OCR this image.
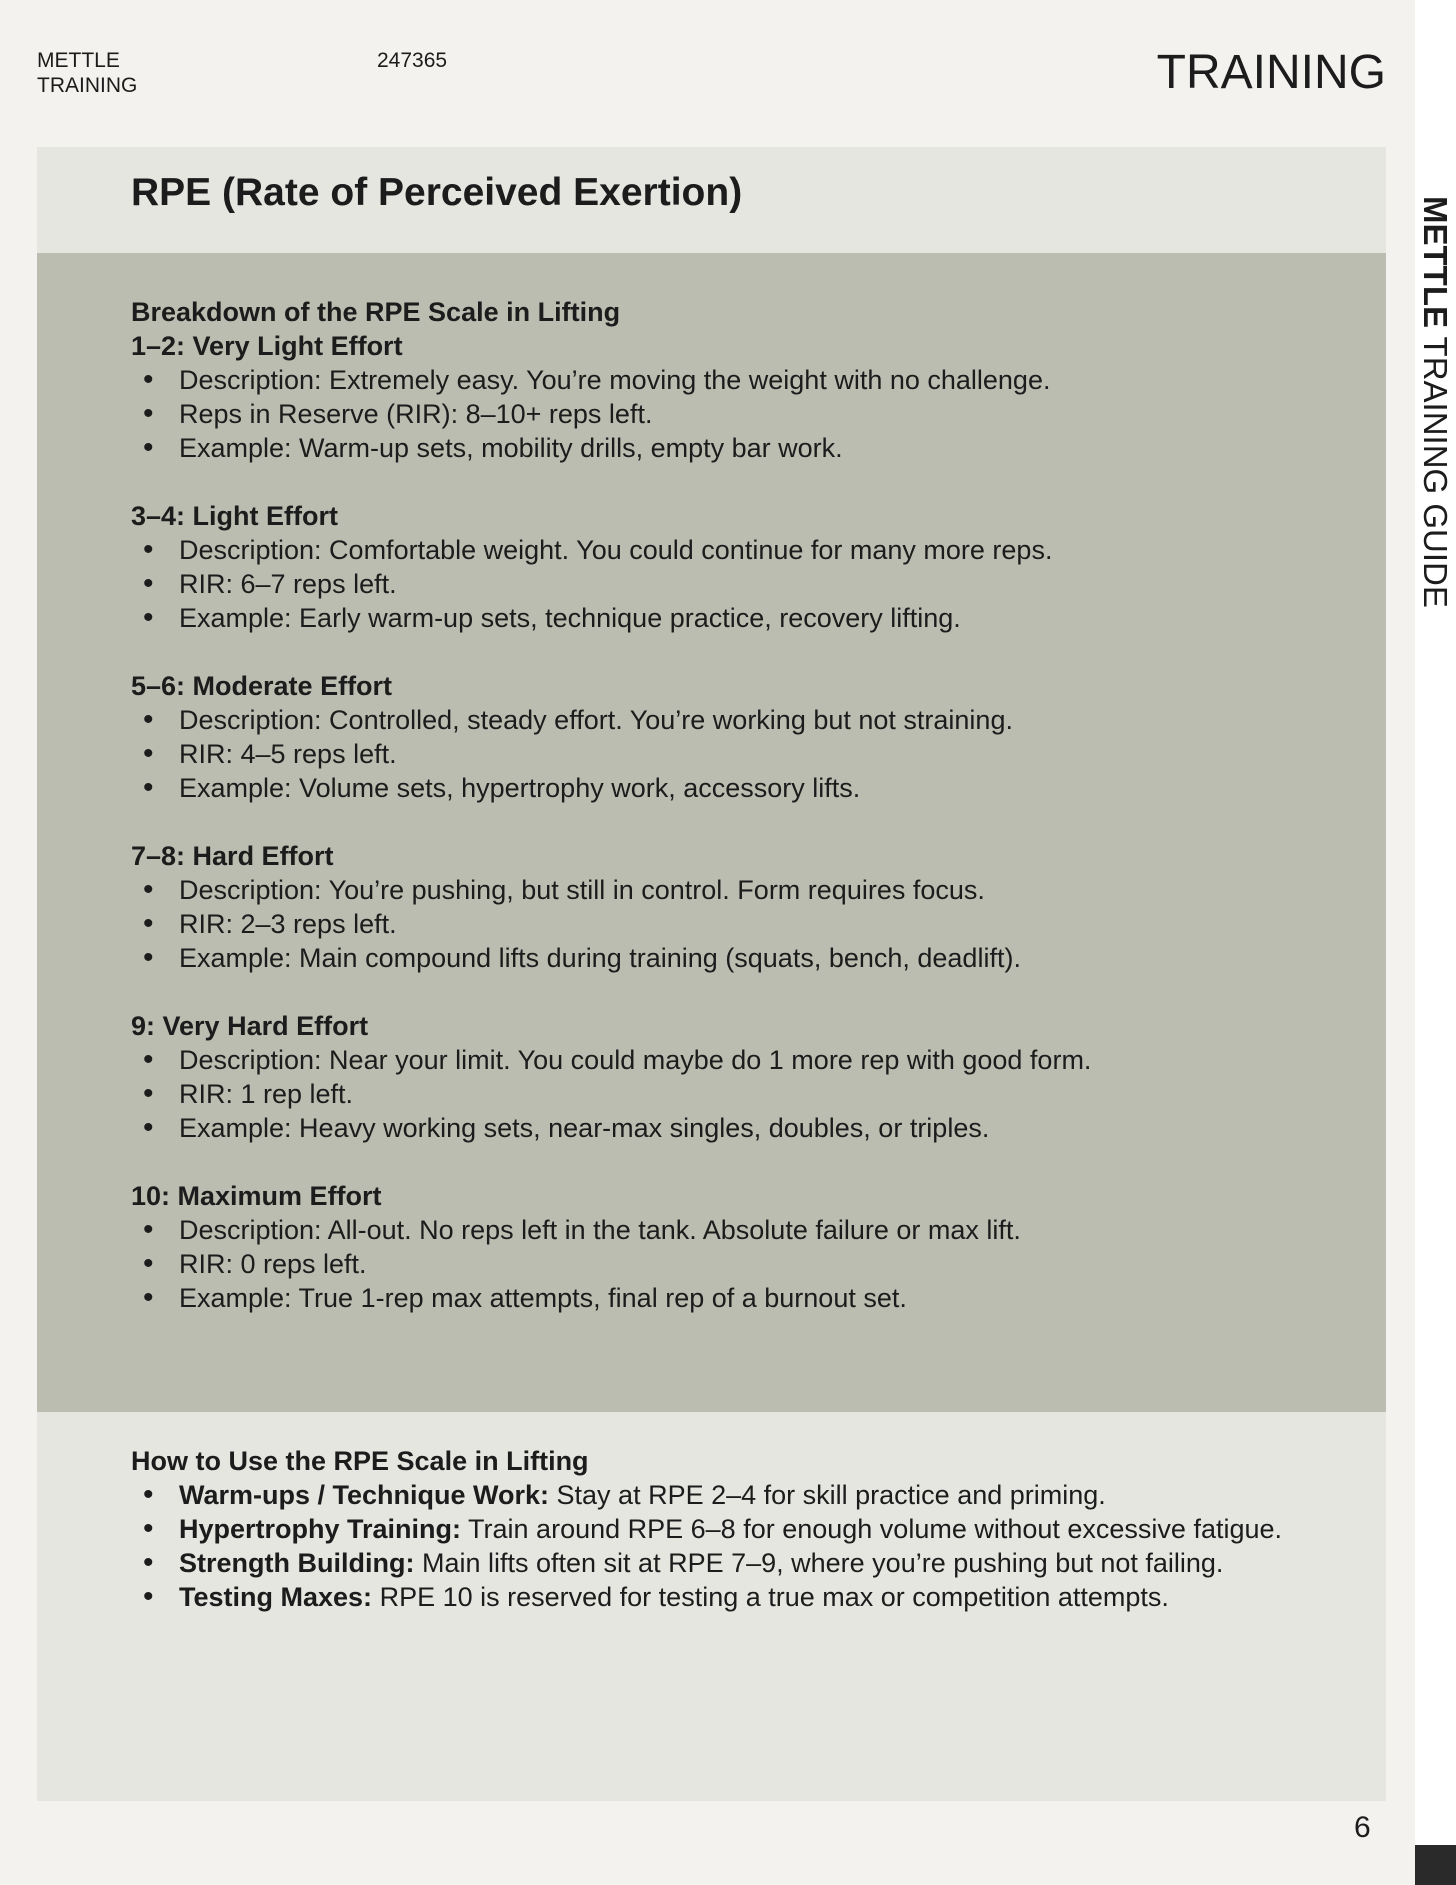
METTLE
TRAINING
247365	TRAINING
METTLE TRAINING GUIDE
RPE (Rate of Perceived Exertion)

Breakdown of the RPE Scale in Lifting

1–2: Very Light Effort

• Description: Extremely easy. You’re moving the weight with no challenge.
• Reps in Reserve (RIR): 8–10+ reps left.
• Example: Warm-up sets, mobility drills, empty bar work.

3–4: Light Effort

• Description: Comfortable weight. You could continue for many more reps.
• RIR: 6–7 reps left.
• Example: Early warm-up sets, technique practice, recovery lifting.

5–6: Moderate Effort

• Description: Controlled, steady effort. You’re working but not straining.
• RIR: 4–5 reps left.
• Example: Volume sets, hypertrophy work, accessory lifts.

7–8: Hard Effort

• Description: You’re pushing, but still in control. Form requires focus.
• RIR: 2–3 reps left.
• Example: Main compound lifts during training (squats, bench, deadlift).

9: Very Hard Effort

• Description: Near your limit. You could maybe do 1 more rep with good form.
• RIR: 1 rep left.
• Example: Heavy working sets, near-max singles, doubles, or triples.

10: Maximum Effort

• Description: All-out. No reps left in the tank. Absolute failure or max lift.
• RIR: 0 reps left.
• Example: True 1-rep max attempts, final rep of a burnout set.

How to Use the RPE Scale in Lifting

• Warm-ups / Technique Work: Stay at RPE 2–4 for skill practice and priming.
• Hypertrophy Training: Train around RPE 6–8 for enough volume without excessive fatigue.
• Strength Building: Main lifts often sit at RPE 7–9, where you’re pushing but not failing.
• Testing Maxes: RPE 10 is reserved for testing a true max or competition attempts.
6
